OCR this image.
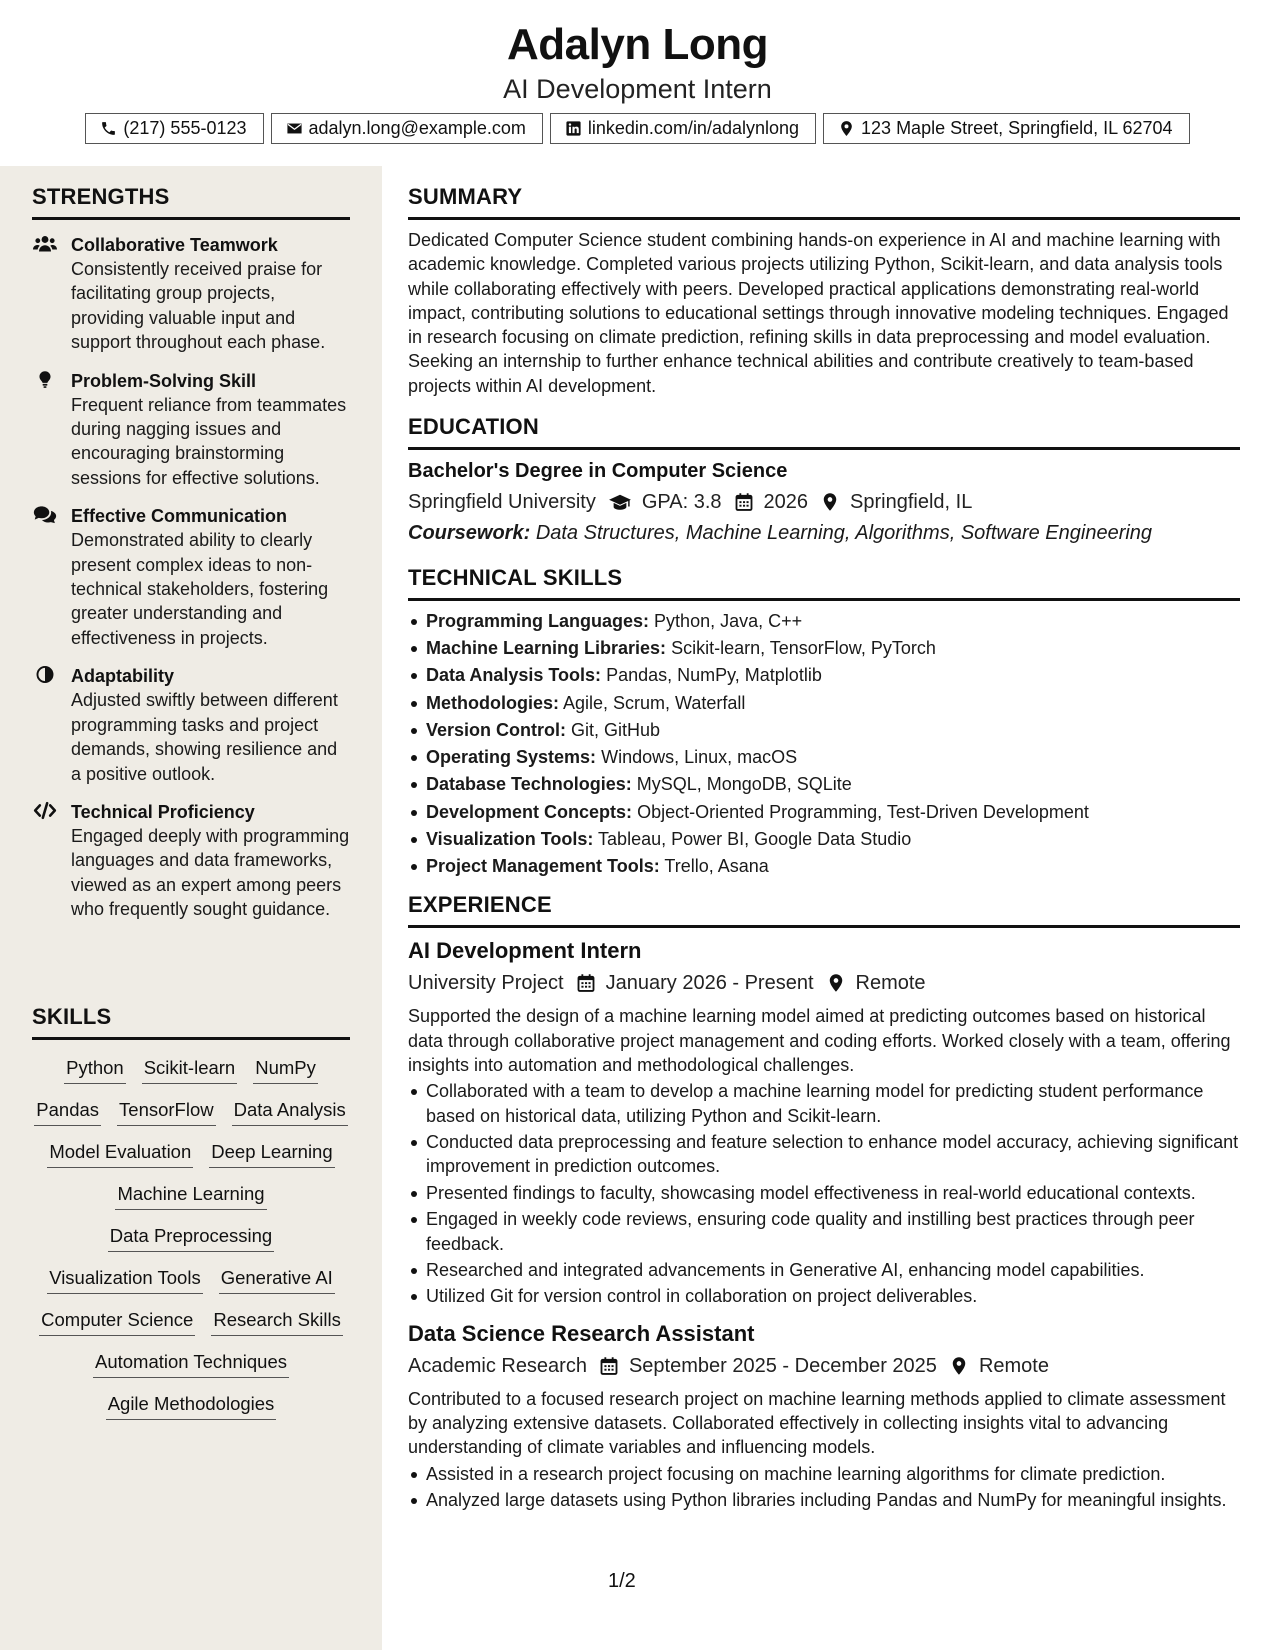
Adalyn Long
AI Development Intern
(217) 555-0123	adalyn.long@example.com	linkedin.com/in/adalynlong	123 Maple Street, Springfield, IL 62704
STRENGTHS
Collaborative Teamwork
Consistently received praise for facilitating group projects, providing valuable input and support throughout each phase.
Problem-Solving Skill
Frequent reliance from teammates during nagging issues and encouraging brainstorming sessions for effective solutions.
Effective Communication
Demonstrated ability to clearly present complex ideas to non-technical stakeholders, fostering greater understanding and effectiveness in projects.
Adaptability
Adjusted swiftly between different programming tasks and project demands, showing resilience and a positive outlook.
Technical Proficiency
Engaged deeply with programming languages and data frameworks, viewed as an expert among peers who frequently sought guidance.
SKILLS
Python Scikit-learn NumPy
Pandas TensorFlow Data Analysis
Model Evaluation Deep Learning
Machine Learning
Data Preprocessing
Visualization Tools Generative AI
Computer Science Research Skills
Automation Techniques
Agile Methodologies
SUMMARY
Dedicated Computer Science student combining hands-on experience in AI and machine learning with academic knowledge. Completed various projects utilizing Python, Scikit-learn, and data analysis tools while collaborating effectively with peers. Developed practical applications demonstrating real-world impact, contributing solutions to educational settings through innovative modeling techniques. Engaged in research focusing on climate prediction, refining skills in data preprocessing and model evaluation. Seeking an internship to further enhance technical abilities and contribute creatively to team-based projects within AI development.
EDUCATION
Bachelor's Degree in Computer Science
Springfield University GPA: 3.8 2026 Springfield, IL
Coursework: Data Structures, Machine Learning, Algorithms, Software Engineering
TECHNICAL SKILLS
Programming Languages: Python, Java, C++
Machine Learning Libraries: Scikit-learn, TensorFlow, PyTorch
Data Analysis Tools: Pandas, NumPy, Matplotlib
Methodologies: Agile, Scrum, Waterfall
Version Control: Git, GitHub
Operating Systems: Windows, Linux, macOS
Database Technologies: MySQL, MongoDB, SQLite
Development Concepts: Object-Oriented Programming, Test-Driven Development
Visualization Tools: Tableau, Power BI, Google Data Studio
Project Management Tools: Trello, Asana
EXPERIENCE
AI Development Intern
University Project January 2026 - Present Remote
Supported the design of a machine learning model aimed at predicting outcomes based on historical data through collaborative project management and coding efforts. Worked closely with a team, offering insights into automation and methodological challenges.
Collaborated with a team to develop a machine learning model for predicting student performance based on historical data, utilizing Python and Scikit-learn.
Conducted data preprocessing and feature selection to enhance model accuracy, achieving significant improvement in prediction outcomes.
Presented findings to faculty, showcasing model effectiveness in real-world educational contexts.
Engaged in weekly code reviews, ensuring code quality and instilling best practices through peer feedback.
Researched and integrated advancements in Generative AI, enhancing model capabilities.
Utilized Git for version control in collaboration on project deliverables.
Data Science Research Assistant
Academic Research September 2025 - December 2025 Remote
Contributed to a focused research project on machine learning methods applied to climate assessment by analyzing extensive datasets. Collaborated effectively in collecting insights vital to advancing understanding of climate variables and influencing models.
Assisted in a research project focusing on machine learning algorithms for climate prediction.
Analyzed large datasets using Python libraries including Pandas and NumPy for meaningful insights.
1/2
